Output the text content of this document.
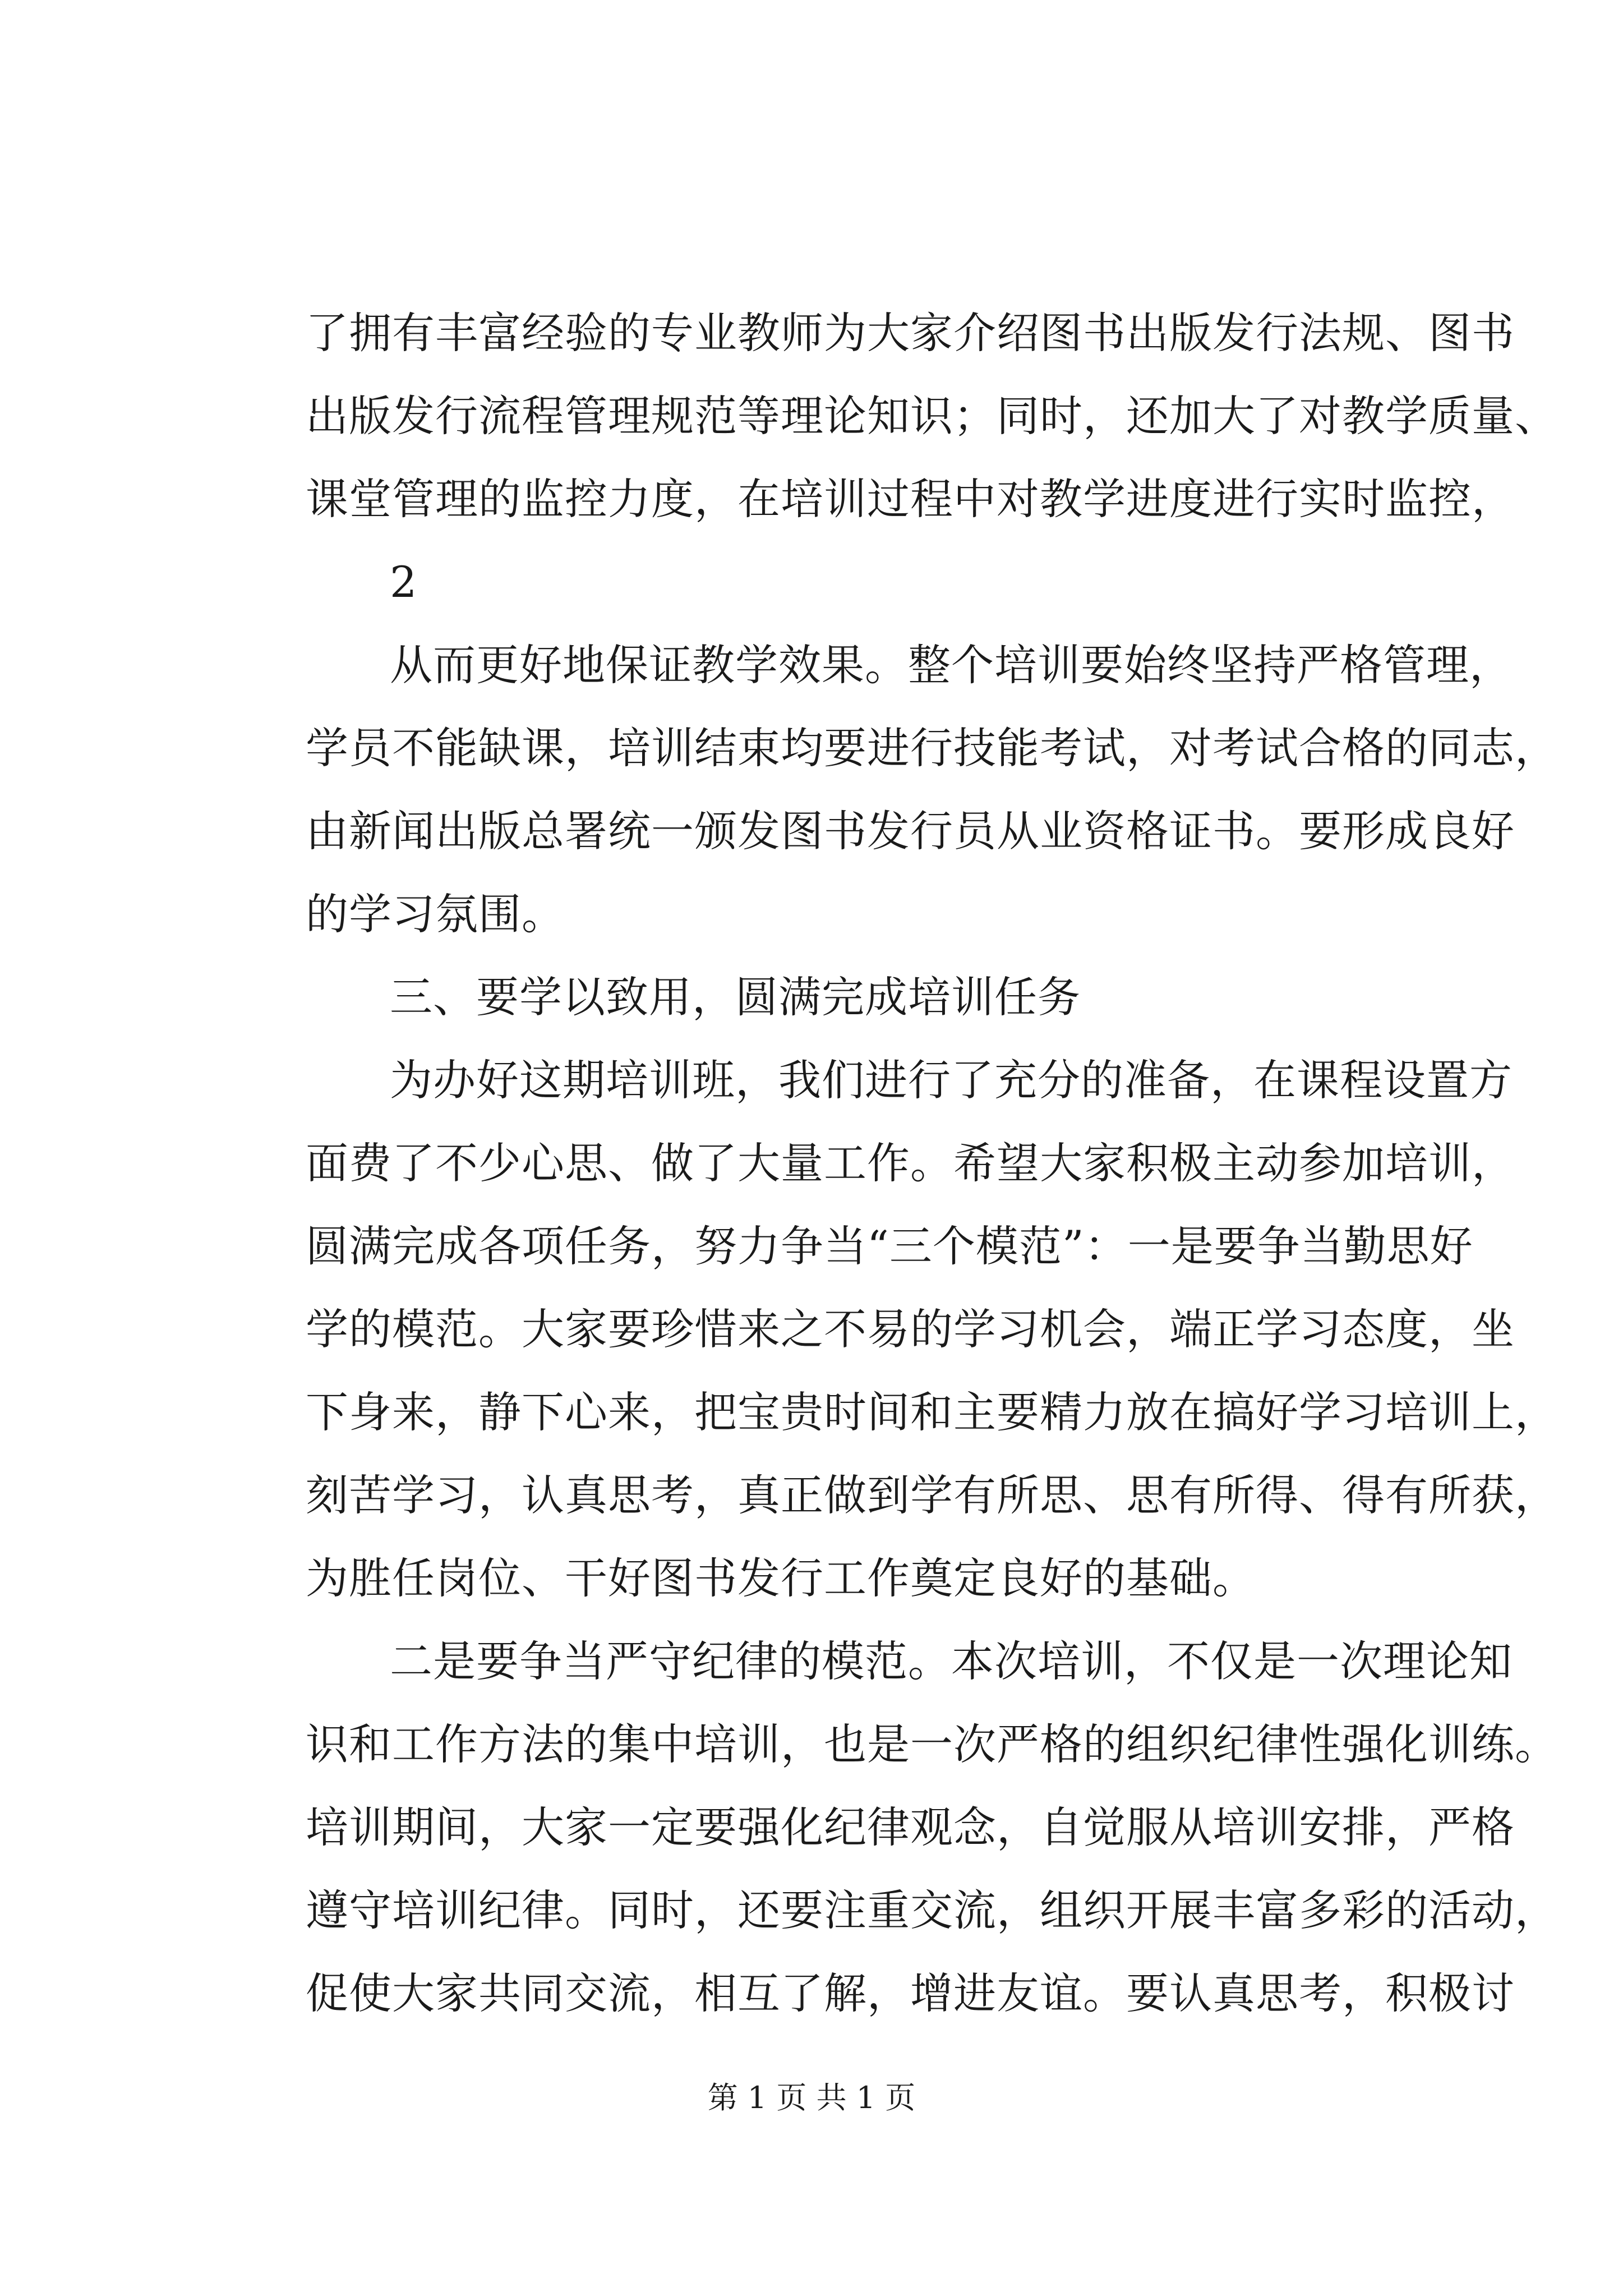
了拥有丰富经验的专业教师为大家介绍图书出版发行法规、图书
出版发行流程管理规范等理论知识；同时，还加大了对教学质量、
课堂管理的监控力度，在培训过程中对教学进度进行实时监控，
2
从而更好地保证教学效果。整个培训要始终坚持严格管理，
学员不能缺课，培训结束均要进行技能考试，对考试合格的同志，
由新闻出版总署统一颁发图书发行员从业资格证书。要形成良好
的学习氛围。
三、要学以致用，圆满完成培训任务
为办好这期培训班，我们进行了充分的准备，在课程设置方
面费了不少心思、做了大量工作。希望大家积极主动参加培训，
圆满完成各项任务，努力争当“三个模范”：一是要争当勤思好
学的模范。大家要珍惜来之不易的学习机会，端正学习态度，坐
下身来，静下心来，把宝贵时间和主要精力放在搞好学习培训上，
刻苦学习，认真思考，真正做到学有所思、思有所得、得有所获，
为胜任岗位、干好图书发行工作奠定良好的基础。
二是要争当严守纪律的模范。本次培训，不仅是一次理论知
识和工作方法的集中培训，也是一次严格的组织纪律性强化训练。
培训期间，大家一定要强化纪律观念，自觉服从培训安排，严格
遵守培训纪律。同时，还要注重交流，组织开展丰富多彩的活动，
促使大家共同交流，相互了解，增进友谊。要认真思考，积极讨
第 1 页 共 1 页
